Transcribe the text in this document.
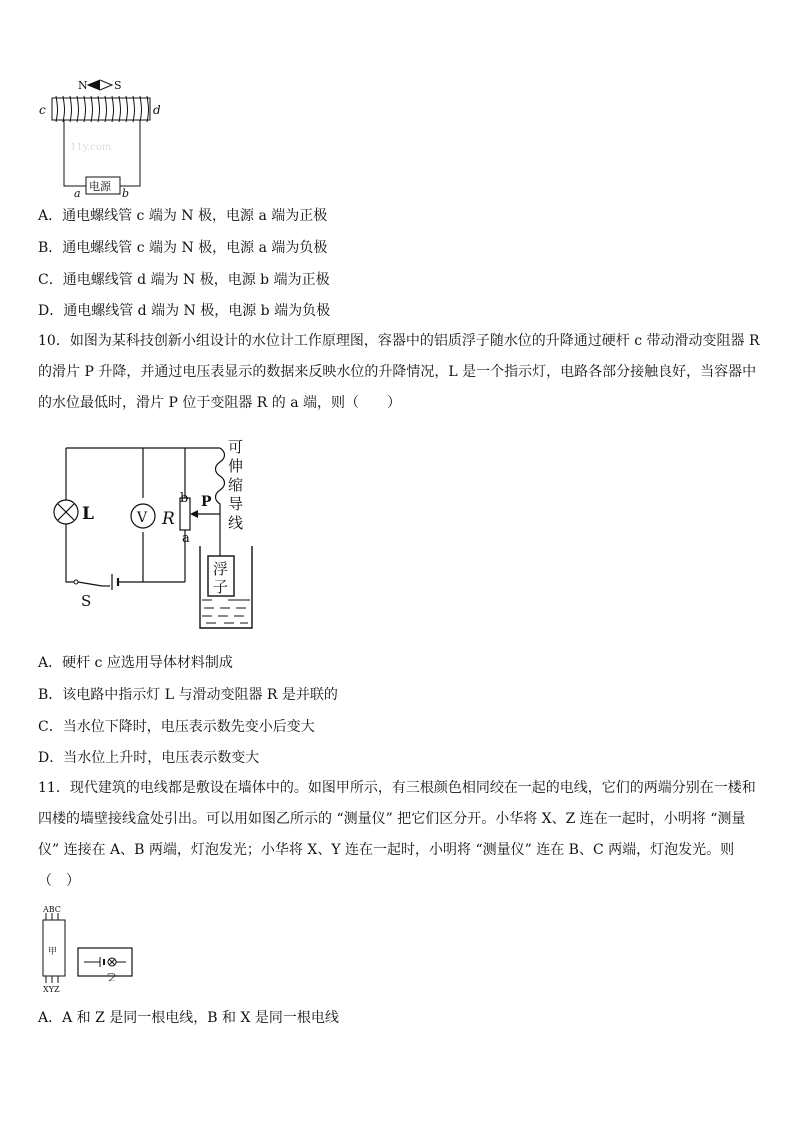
N S
c	d
11y.com
电源
a	b
A．通电螺线管 c 端为 N 极，电源 a 端为正极
B．通电螺线管 c 端为 N 极，电源 a 端为负极
C．通电螺线管 d 端为 N 极，电源 b 端为正极
D．通电螺线管 d 端为 N 极，电源 b 端为负极
10．如图为某科技创新小组设计的水位计工作原理图，容器中的铝质浮子随水位的升降通过硬杆 c 带动滑动变阻器 R 的滑片 P 升降，并通过电压表显示的数据来反映水位的升降情况，L 是一个指示灯，电路各部分接触良好，当容器中的水位最低时，滑片 P 位于变阻器 R 的 a 端，则（　　）
L	V R
b
a
P
可
伸
缩
导
线
浮
子
S
A．硬杆 c 应选用导体材料制成
B．该电路中指示灯 L 与滑动变阻器 R 是并联的
C．当水位下降时，电压表示数先变小后变大
D．当水位上升时，电压表示数变大
11．现代建筑的电线都是敷设在墙体中的。如图甲所示，有三根颜色相同绞在一起的电线，它们的两端分别在一楼和四楼的墙壁接线盒处引出。可以用如图乙所示的 “测量仪” 把它们区分开。小华将 X、Z 连在一起时，小明将 “测量仪” 连接在 A、B 两端，灯泡发光；小华将 X、Y 连在一起时，小明将 “测量仪” 连在 B、C 两端，灯泡发光。则（　）
ABC
甲
XYZ
乙
A．A 和 Z 是同一根电线，B 和 X 是同一根电线
